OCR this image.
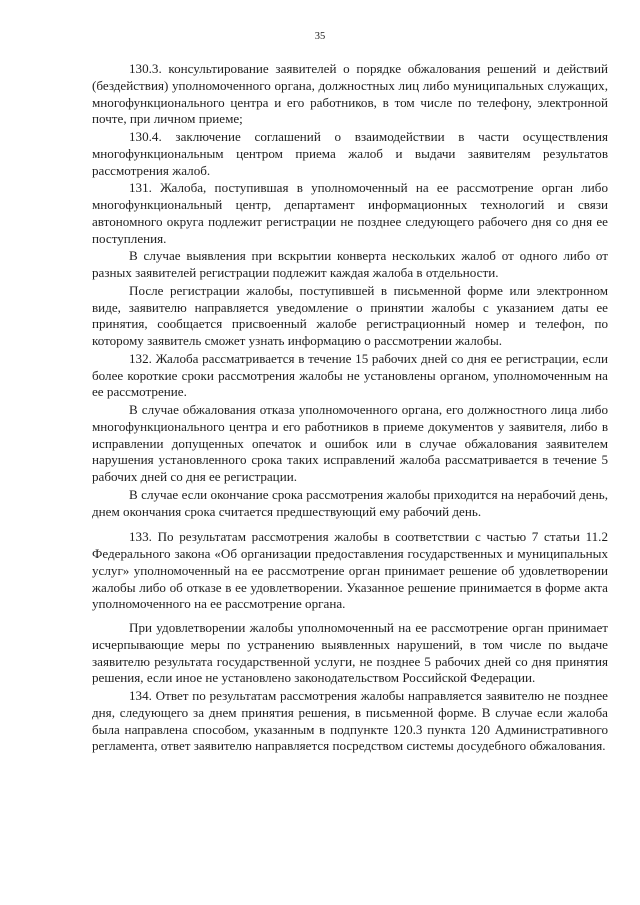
35

130.3. консультирование заявителей о порядке обжалования решений и действий (бездействия) уполномоченного органа, должностных лиц либо муниципальных служащих, многофункционального центра и его работников, в том числе по телефону, электронной почте, при личном приеме;

130.4. заключение соглашений о взаимодействии в части осуществления многофункциональным центром приема жалоб и выдачи заявителям результатов рассмотрения жалоб.

131. Жалоба, поступившая в уполномоченный на ее рассмотрение орган либо многофункциональный центр, департамент информационных технологий и связи автономного округа подлежит регистрации не позднее следующего рабочего дня со дня ее поступления.

В случае выявления при вскрытии конверта нескольких жалоб от одного либо от разных заявителей регистрации подлежит каждая жалоба в отдельности.

После регистрации жалобы, поступившей в письменной форме или электронном виде, заявителю направляется уведомление о принятии жалобы с указанием даты ее принятия, сообщается присвоенный жалобе регистрационный номер и телефон, по которому заявитель сможет узнать информацию о рассмотрении жалобы.

132. Жалоба рассматривается в течение 15 рабочих дней со дня ее регистрации, если более короткие сроки рассмотрения жалобы не установлены органом, уполномоченным на ее рассмотрение.

В случае обжалования отказа уполномоченного органа, его должностного лица либо многофункционального центра и его работников в приеме документов у заявителя, либо в исправлении допущенных опечаток и ошибок или в случае обжалования заявителем нарушения установленного срока таких исправлений жалоба рассматривается в течение 5 рабочих дней со дня ее регистрации.

В случае если окончание срока рассмотрения жалобы приходится на нерабочий день, днем окончания срока считается предшествующий ему рабочий день.

133. По результатам рассмотрения жалобы в соответствии с частью 7 статьи 11.2 Федерального закона «Об организации предоставления государственных и муниципальных услуг» уполномоченный на ее рассмотрение орган принимает решение об удовлетворении жалобы либо об отказе в ее удовлетворении. Указанное решение принимается в форме акта уполномоченного на ее рассмотрение органа.

При удовлетворении жалобы уполномоченный на ее рассмотрение орган принимает исчерпывающие меры по устранению выявленных нарушений, в том числе по выдаче заявителю результата государственной услуги, не позднее 5 рабочих дней со дня принятия решения, если иное не установлено законодательством Российской Федерации.

134. Ответ по результатам рассмотрения жалобы направляется заявителю не позднее дня, следующего за днем принятия решения, в письменной форме. В случае если жалоба была направлена способом, указанным в подпункте 120.3 пункта 120 Административного регламента, ответ заявителю направляется посредством системы досудебного обжалования.
